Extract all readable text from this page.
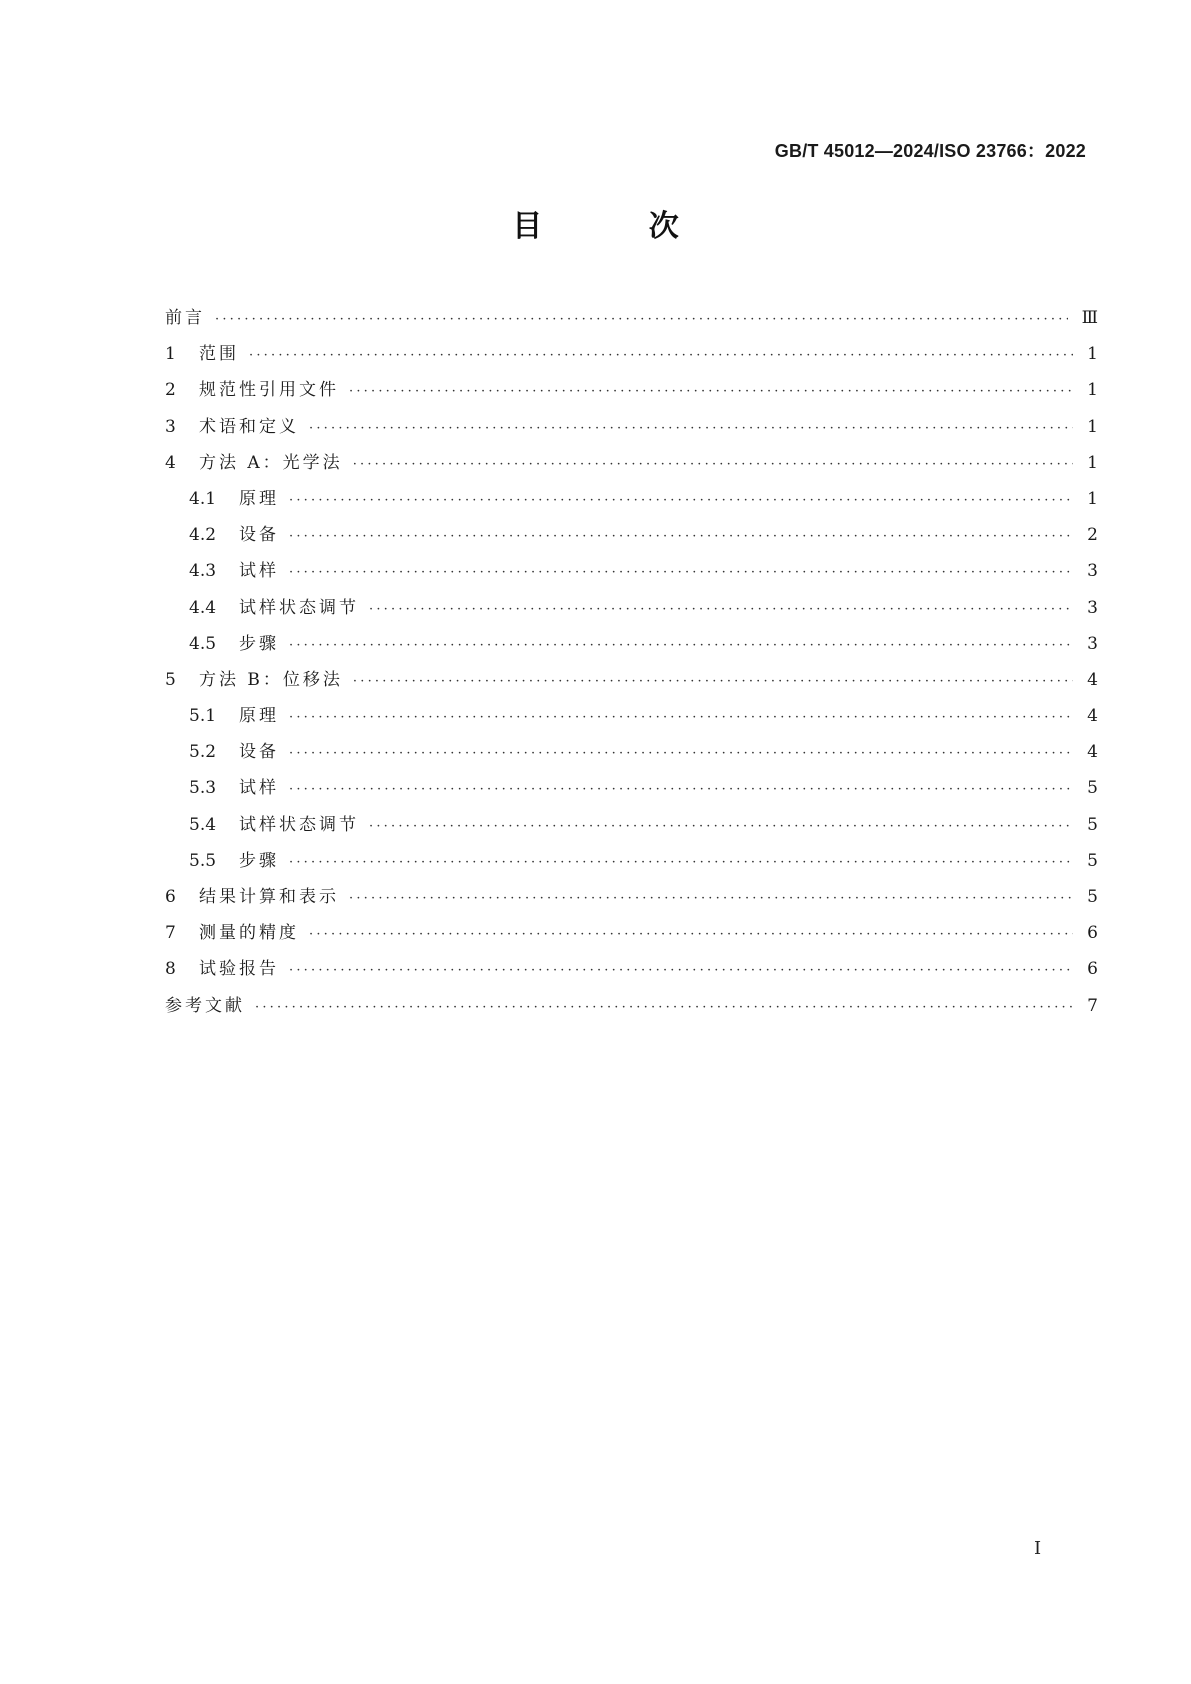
GB/T 45012—2024/ISO 23766：2022
目 次
前言 ·····	Ⅲ
1	范围 ·····	1
2	规范性引用文件 ·····	1
3	术语和定义 ·····	1
4	方法 A：光学法 ·····	1
4.1	原理 ·····	1
4.2	设备 ·····	2
4.3	试样 ·····	3
4.4	试样状态调节 ·····	3
4.5	步骤 ·····	3
5	方法 B：位移法 ·····	4
5.1	原理 ·····	4
5.2	设备 ·····	4
5.3	试样 ·····	5
5.4	试样状态调节 ·····	5
5.5	步骤 ·····	5
6	结果计算和表示 ·····	5
7	测量的精度 ·····	6
8	试验报告 ·····	6
参考文献 ·····	7
Ⅰ
